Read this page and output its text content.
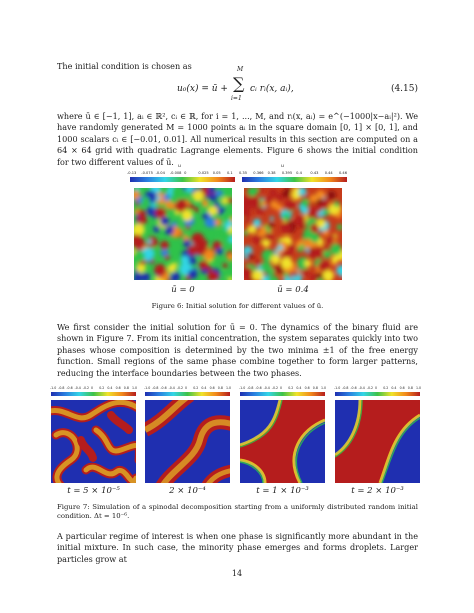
The initial condition is chosen as

u₀(x) = ū +
M
∑
i=1
cᵢ rᵢ(x, aᵢ),	(4.15)

where ū ∈ [−1, 1], aᵢ ∈ ℝ², cᵢ ∈ ℝ, for i = 1, ..., M, and rᵢ(x, aᵢ) = e^(−1000|x−aᵢ|²). We have randomly generated M = 1000 points aᵢ in the square domain [0, 1] × [0, 1], and 1000 scalars cᵢ ∈ [−0.01, 0.01]. All numerical results in this section are computed on a 64 × 64 grid with quadratic Lagrange elements. Figure 6 shows the initial condition for two different values of ū. u	u
-0.13 -0.075 -0.04 -0.008 0	0.025 0.05 0.1 0.35 0.366 0.38 0.395 0.4 0.43 0.44 0.46
ū = 0	ū = 0.4
Figure 6: Initial solution for different values of ū.

We first consider the initial solution for ū = 0. The dynamics of the binary fluid are shown in Figure 7. From its initial concentration, the system separates quickly into two phases whose composition is determined by the two minima ±1 of the free energy function. Small regions of the same phase combine together to form larger patterns, reducing the interface boundaries between the two phases.

-1.0 -0.8 -0.6 -0.4 -0.2 0 0.2 0.4 0.6 0.8 1.0 -1.0 -0.8 -0.6 -0.4 -0.2 0 0.2 0.4 0.6 0.8 1.0 -1.0 -0.8 -0.6 -0.4 -0.2 0 0.2 0.4 0.6 0.8 1.0 -1.0 -0.8 -0.6 -0.4 -0.2 0 0.2 0.4 0.6 0.8 1.0
t = 5 × 10⁻⁵	2 × 10⁻⁴	t = 1 × 10⁻³	t = 2 × 10⁻³
Figure 7: Simulation of a spinodal decomposition starting from a uniformly distributed random initial condition. Δt = 10⁻⁶.

A particular regime of interest is when one phase is significantly more abundant in the initial mixture. In such case, the minority phase emerges and forms droplets. Larger particles grow at

14
